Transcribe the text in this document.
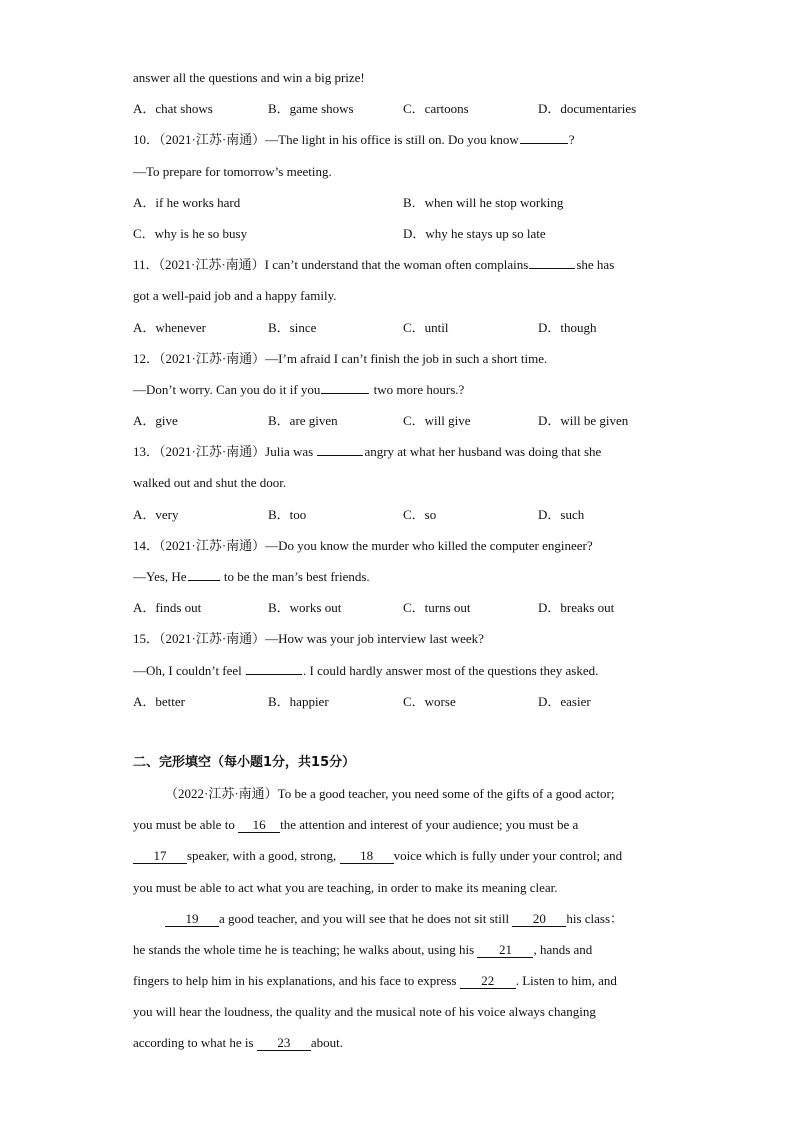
answer all the questions and win a big prize!
A．chat shows	B．game shows	C．cartoons	D．documentaries
10．（2021·江苏·南通）—The light in his office is still on. Do you know	?
—To prepare for tomorrow’s meeting.
A．if he works hard	B．when will he stop working
C．why is he so busy	D．why he stays up so late
11．（2021·江苏·南通）I can’t understand that the woman often complains	she has
got a well-paid job and a happy family.
A．whenever	B．since	C．until	D．though
12．（2021·江苏·南通）—I’m afraid I can’t finish the job in such a short time.
—Don’t worry. Can you do it if you	two more hours.?
A．give	B．are given	C．will give	D．will be given
13．（2021·江苏·南通）Julia was	angry at what her husband was doing that she
walked out and shut the door.
A．very	B．too	C．so	D．such
14．（2021·江苏·南通）—Do you know the murder who killed the computer engineer?
—Yes, He	to be the man’s best friends.
A．finds out	B．works out	C．turns out	D．breaks out
15．（2021·江苏·南通）—How was your job interview last week?
—Oh, I couldn’t feel	. I could hardly answer most of the questions they asked.
A．better	B．happier	C．worse	D．easier
二、完形填空（每小题1分，共15分）
（2022·江苏·南通）To be a good teacher, you need some of the gifts of a good actor;
you must be able to 16 the attention and interest of your audience; you must be a
17 speaker, with a good, strong, 18 voice which is fully under your control; and
you must be able to act what you are teaching, in order to make its meaning clear.
19 a good teacher, and you will see that he does not sit still 20 his class：
he stands the whole time he is teaching; he walks about, using his 21 , hands and
fingers to help him in his explanations, and his face to express 22 . Listen to him, and
you will hear the loudness, the quality and the musical note of his voice always changing
according to what he is 23 about.
